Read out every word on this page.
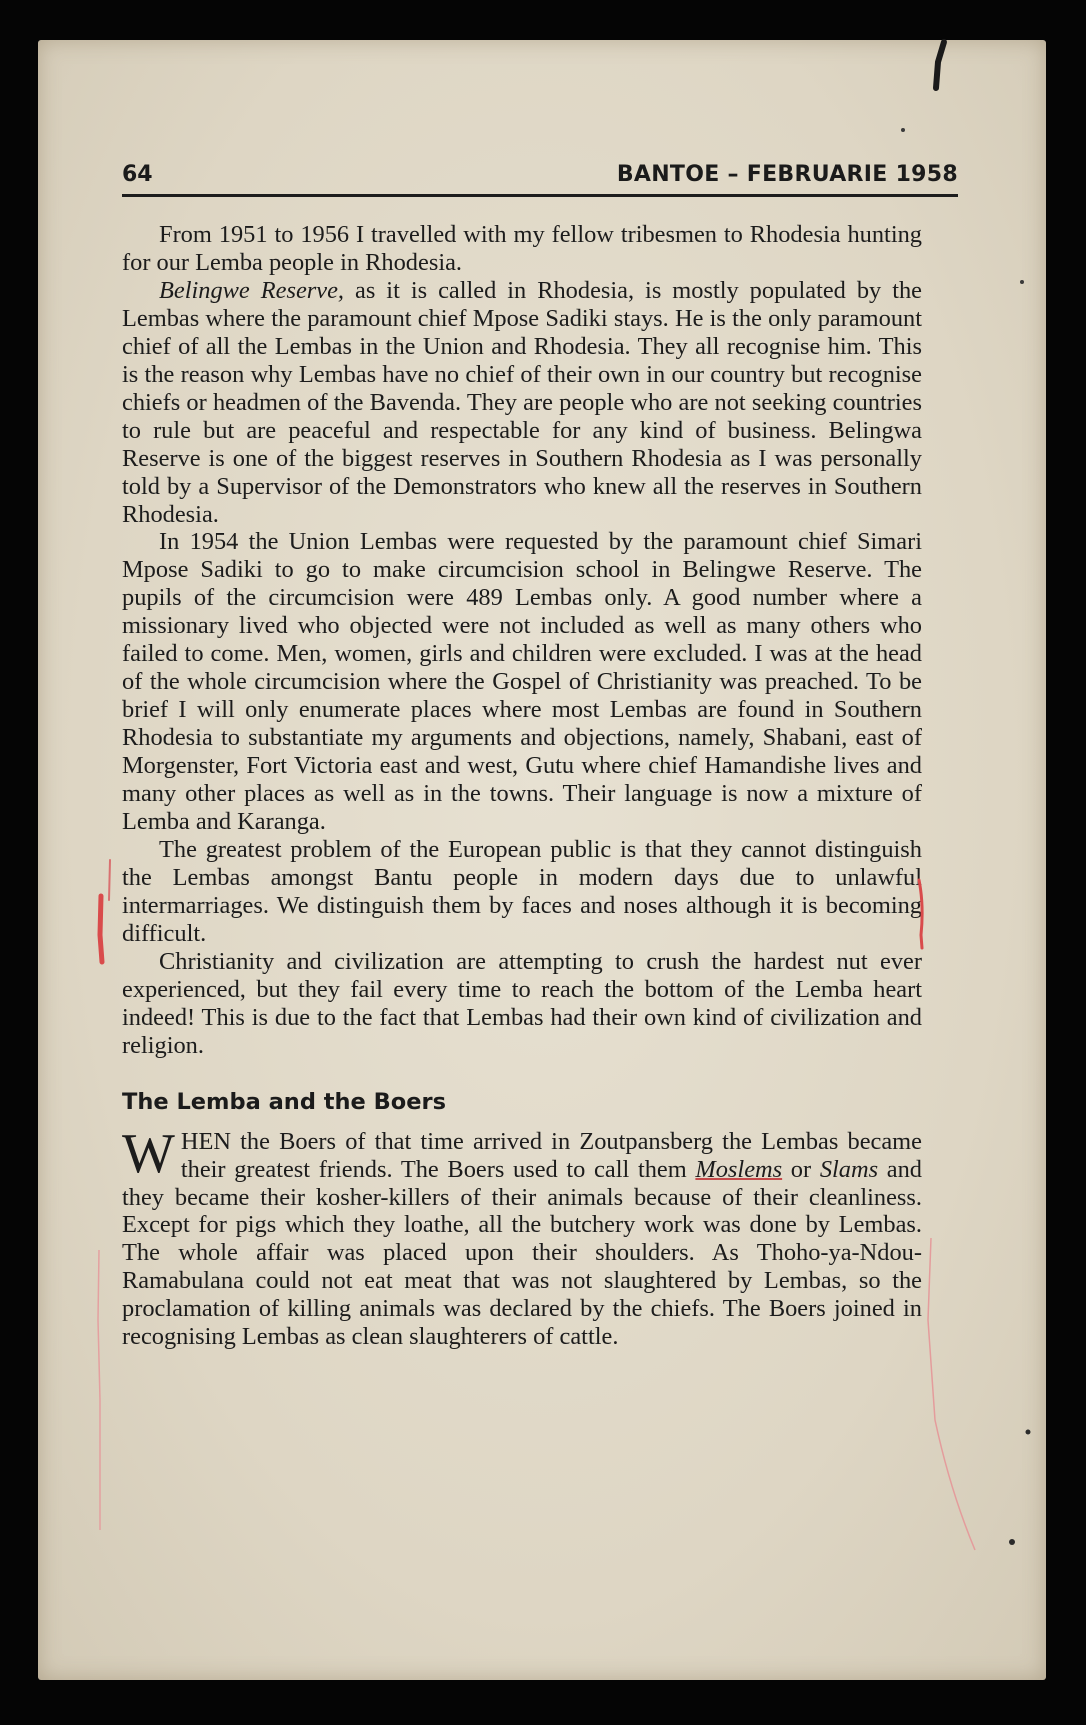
64	BANTOE – FEBRUARIE 1958

From 1951 to 1956 I travelled with my fellow tribesmen to Rhodesia hunting for our Lemba people in Rhodesia.

Belingwe Reserve, as it is called in Rhodesia, is mostly populated by the Lembas where the paramount chief Mpose Sadiki stays. He is the only paramount chief of all the Lembas in the Union and Rhodesia. They all recognise him. This is the reason why Lembas have no chief of their own in our country but recognise chiefs or headmen of the Bavenda. They are people who are not seeking countries to rule but are peaceful and respectable for any kind of business. Belingwa Reserve is one of the biggest reserves in Southern Rhodesia as I was personally told by a Supervisor of the Demonstrators who knew all the reserves in Southern Rhodesia.

In 1954 the Union Lembas were requested by the paramount chief Simari Mpose Sadiki to go to make circumcision school in Belingwe Reserve. The pupils of the circumcision were 489 Lembas only. A good number where a missionary lived who objected were not included as well as many others who failed to come. Men, women, girls and children were excluded. I was at the head of the whole circumcision where the Gospel of Christianity was preached. To be brief I will only enumerate places where most Lembas are found in Southern Rhodesia to substantiate my arguments and objections, namely, Shabani, east of Morgenster, Fort Victoria east and west, Gutu where chief Hamandishe lives and many other places as well as in the towns. Their language is now a mixture of Lemba and Karanga.

The greatest problem of the European public is that they cannot distinguish the Lembas amongst Bantu people in modern days due to unlawful intermarriages. We distinguish them by faces and noses although it is becoming difficult.

Christianity and civilization are attempting to crush the hardest nut ever experienced, but they fail every time to reach the bottom of the Lemba heart indeed! This is due to the fact that Lembas had their own kind of civilization and religion.

The Lemba and the Boers

WHEN the Boers of that time arrived in Zoutpansberg the Lembas became their greatest friends. The Boers used to call them Moslems or Slams and they became their kosher-killers of their animals because of their cleanliness. Except for pigs which they loathe, all the butchery work was done by Lembas. The whole affair was placed upon their shoulders. As Thoho-ya-Ndou-Ramabulana could not eat meat that was not slaughtered by Lembas, so the proclamation of killing animals was declared by the chiefs. The Boers joined in recognising Lembas as clean slaughterers of cattle.
